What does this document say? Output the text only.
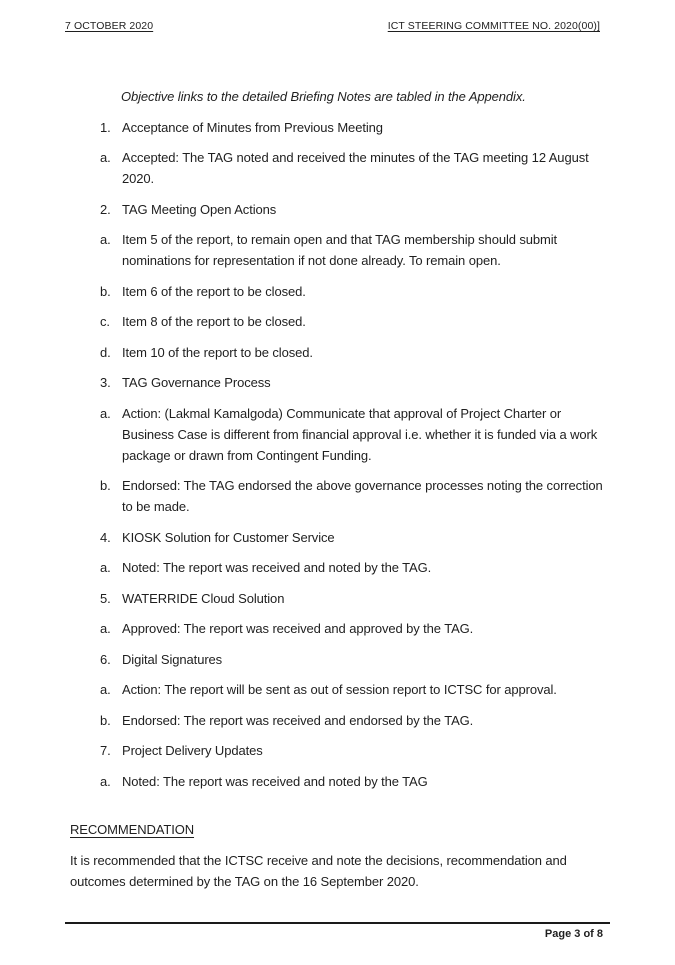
7 OCTOBER 2020	ICT STEERING COMMITTEE NO. 2020(00)]

Objective links to the detailed Briefing Notes are tabled in the Appendix.

1. Acceptance of Minutes from Previous Meeting
a. Accepted: The TAG noted and received the minutes of the TAG meeting 12 August 2020.
2. TAG Meeting Open Actions
a. Item 5 of the report, to remain open and that TAG membership should submit nominations for representation if not done already. To remain open.
b. Item 6 of the report to be closed.
c. Item 8 of the report to be closed.
d. Item 10 of the report to be closed.
3. TAG Governance Process
a. Action: (Lakmal Kamalgoda) Communicate that approval of Project Charter or Business Case is different from financial approval i.e. whether it is funded via a work package or drawn from Contingent Funding.
b. Endorsed: The TAG endorsed the above governance processes noting the correction to be made.
4. KIOSK Solution for Customer Service
a. Noted: The report was received and noted by the TAG.
5. WATERRIDE Cloud Solution
a. Approved: The report was received and approved by the TAG.
6. Digital Signatures
a. Action: The report will be sent as out of session report to ICTSC for approval.
b. Endorsed: The report was received and endorsed by the TAG.
7. Project Delivery Updates
a. Noted: The report was received and noted by the TAG

RECOMMENDATION

It is recommended that the ICTSC receive and note the decisions, recommendation and outcomes determined by the TAG on the 16 September 2020.

Page 3 of 8
